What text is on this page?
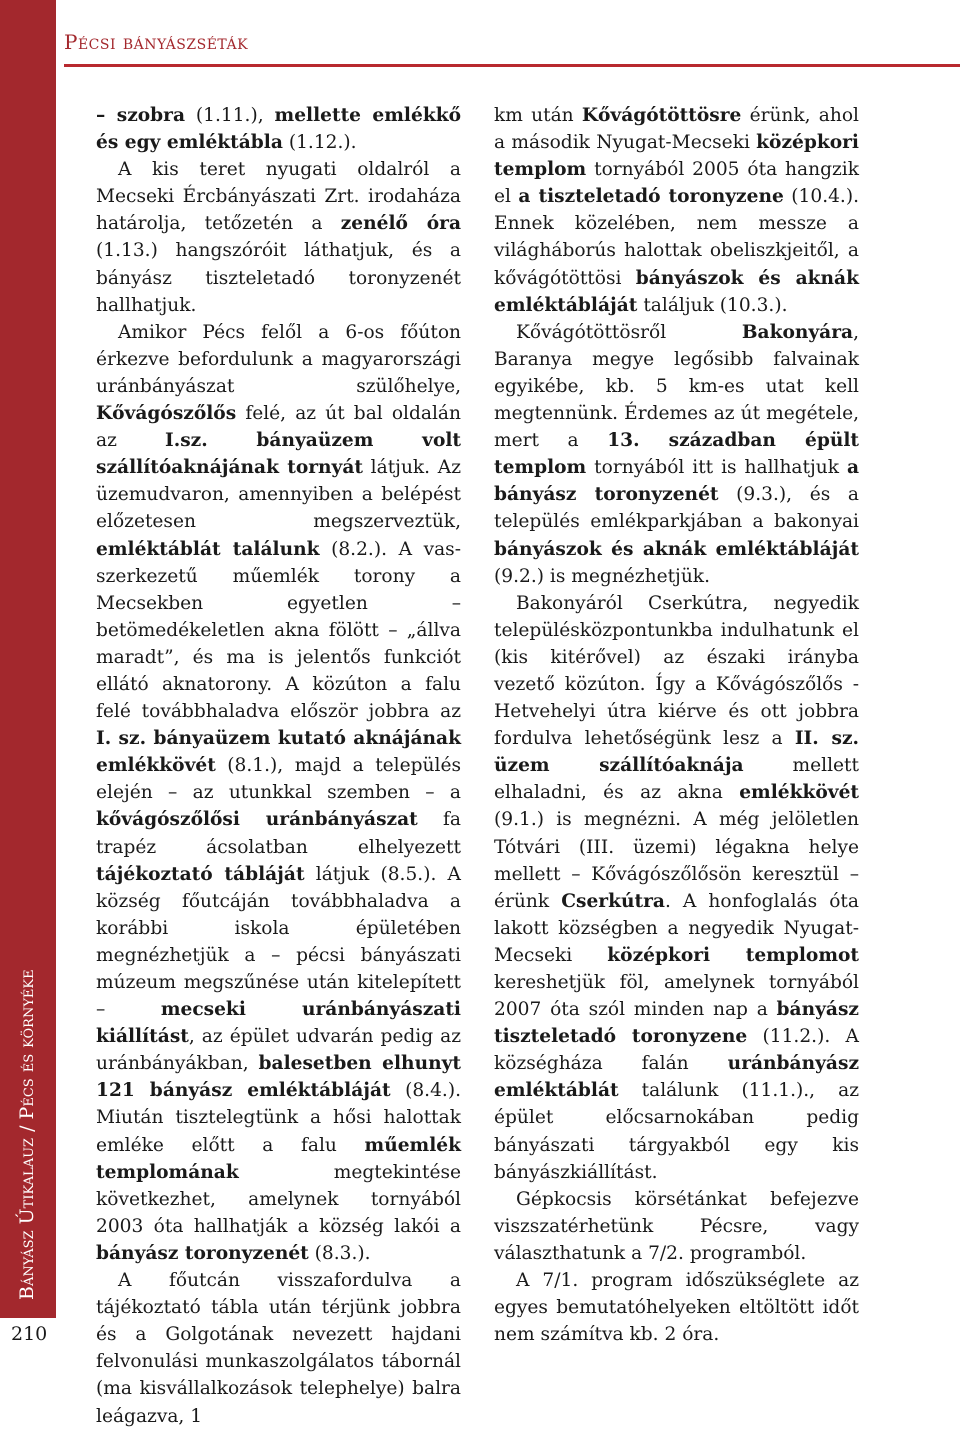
Pécsi bányászséták
Bányász Útikalauz / Pécs és környéke
210

– szobra (1.11.), mellette emlékkő és egy emléktábla (1.12.).

A kis teret nyugati oldalról a Mecseki Ércbányászati Zrt. irodaháza határolja, tetőzetén a zenélő óra (1.13.) hangszóróit láthatjuk, és a bányász tiszteletadó toronyzenét hallhatjuk.

Amikor Pécs felől a 6-os főúton érkezve befordulunk a magyarországi uránbányászat szülőhelye, Kővágószőlős felé, az út bal oldalán az I.sz. bányaüzem volt szállítóaknájának tornyát látjuk. Az üzemudvaron, amennyiben a belépést előzetesen megszerveztük, emléktáblát találunk (8.2.). A vas-szerkezetű műemlék torony a Mecsekben egyetlen – betömedékeletlen akna fölött – „állva maradt”, és ma is jelentős funkciót ellátó aknatorony. A közúton a falu felé továbbhaladva először jobbra az I. sz. bányaüzem kutató aknájának emlékkövét (8.1.), majd a település elején – az utunkkal szemben – a kővágószőlősi uránbányászat fa trapéz ácsolatban elhelyezett tájékoztató tábláját látjuk (8.5.). A község főutcáján továbbhaladva a korábbi iskola épületében megnézhetjük a – pécsi bányászati múzeum megszűnése után kitelepített – mecseki uránbányászati kiállítást, az épület udvarán pedig az uránbányákban, balesetben elhunyt 121 bányász emléktábláját (8.4.). Miután tisztelegtünk a hősi halottak emléke előtt a falu műemlék templomának megtekintése következhet, amelynek tornyából 2003 óta hallhatják a község lakói a bányász toronyzenét (8.3.).

A főutcán visszafordulva a tájékoztató tábla után térjünk jobbra és a Golgotának nevezett hajdani felvonulási munkaszolgálatos tábornál (ma kisvállalkozások telephelye) balra leágazva, 1

km után Kővágótöttösre érünk, ahol a második Nyugat-Mecseki középkori templom tornyából 2005 óta hangzik el a tiszteletadó toronyzene (10.4.). Ennek közelében, nem messze a világháborús halottak obeliszkjeitől, a kővágótöttösi bányászok és aknák emléktábláját találjuk (10.3.).

Kővágótöttösről Bakonyára, Baranya megye legősibb falvainak egyikébe, kb. 5 km-es utat kell megtennünk. Érdemes az út megétele, mert a 13. században épült templom tornyából itt is hallhatjuk a bányász toronyzenét (9.3.), és a település emlékparkjában a bakonyai bányászok és aknák emléktábláját (9.2.) is megnézhetjük.

Bakonyáról Cserkútra, negyedik településközpontunkba indulhatunk el (kis kitérővel) az északi irányba vezető közúton. Így a Kővágószőlős - Hetvehelyi útra kiérve és ott jobbra fordulva lehetőségünk lesz a II. sz. üzem szállítóaknája mellett elhaladni, és az akna emlékkövét (9.1.) is megnézni. A még jelöletlen Tótvári (III. üzemi) légakna helye mellett – Kővágószőlősön keresztül – érünk Cserkútra. A honfoglalás óta lakott községben a negyedik Nyugat-Mecseki középkori templomot kereshetjük föl, amelynek tornyából 2007 óta szól minden nap a bányász tiszteletadó toronyzene (11.2.). A községháza falán uránbányász emléktáblát találunk (11.1.)., az épület előcsarnokában pedig bányászati tárgyakból egy kis bányászkiállítást.

Gépkocsis körsétánkat befejezve viszszatérhetünk Pécsre, vagy választhatunk a 7/2. programból.

A 7/1. program időszükséglete az egyes bemutatóhelyeken eltöltött időt nem számítva kb. 2 óra.
